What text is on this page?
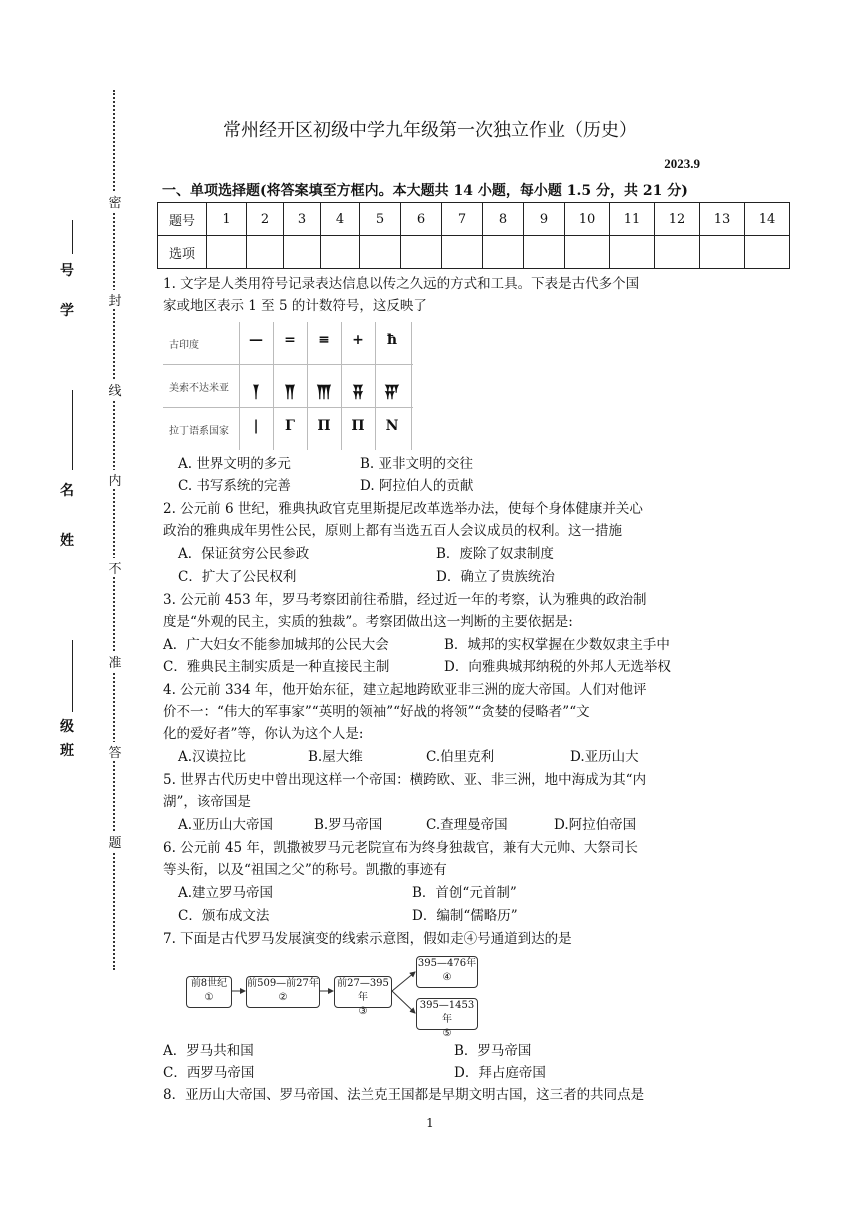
密
封
线
内
不
准
答
题
学
号
姓
名
班
级
常州经开区初级中学九年级第一次独立作业（历史）
2023.9
一、单项选择题(将答案填至方框内。本大题共 14 小题，每小题 1.5 分，共 21 分)
题号	1	2	3	4	5	6	7	8	9	10	11	12	13	14
选项														
1. 文字是人类用符号记录表达信息以传之久远的方式和工具。下表是古代多个国
家或地区表示 1 至 5 的计数符号，这反映了
古印度	—	=	≡	+	ħ
美索不达米亚	𒐕	𒐖	𒐗	𒐘	𒐙
拉丁语系国家	|	Γ	Π	Π	Ν
A. 世界文明的多元	B. 亚非文明的交往
C. 书写系统的完善	D. 阿拉伯人的贡献
2. 公元前 6 世纪，雅典执政官克里斯提尼改革选举办法，使每个身体健康并关心
政治的雅典成年男性公民，原则上都有当选五百人会议成员的权利。这一措施
A．保证贫穷公民参政	B．废除了奴隶制度
C．扩大了公民权利	D．确立了贵族统治
3. 公元前 453 年，罗马考察团前往希腊，经过近一年的考察，认为雅典的政治制
度是“外观的民主，实质的独裁”。考察团做出这一判断的主要依据是:
A．广大妇女不能参加城邦的公民大会	B．城邦的实权掌握在少数奴隶主手中
C．雅典民主制实质是一种直接民主制	D．向雅典城邦纳税的外邦人无选举权
4. 公元前 334 年，他开始东征，建立起地跨欧亚非三洲的庞大帝国。人们对他评
价不一：“伟大的军事家”“英明的领袖”“好战的将领”“贪婪的侵略者”“文
化的爱好者”等，你认为这个人是:
A.汉谟拉比	B.屋大维	C.伯里克利	D.亚历山大
5. 世界古代历史中曾出现这样一个帝国：横跨欧、亚、非三洲，地中海成为其“内
湖”，该帝国是
A.亚历山大帝国	B.罗马帝国	C.查理曼帝国	D.阿拉伯帝国
6. 公元前 45 年，凯撒被罗马元老院宣布为终身独裁官，兼有大元帅、大祭司长
等头衔，以及“祖国之父”的称号。凯撒的事迹有
A.建立罗马帝国	B．首创“元首制”
C．颁布成文法	D．编制“儒略历”
7. 下面是古代罗马发展演变的线索示意图，假如走④号通道到达的是
前8世纪
①
前509—前27年
②
前27—395年
③
395—476年
④
395—1453年
⑤
A．罗马共和国	B．罗马帝国
C．西罗马帝国	D．拜占庭帝国
8．亚历山大帝国、罗马帝国、法兰克王国都是早期文明古国，这三者的共同点是
1
